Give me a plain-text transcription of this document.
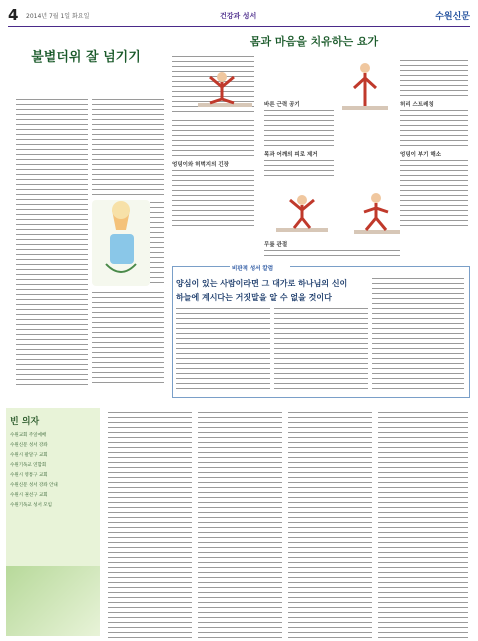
4 2014년 7월 1일 화요일	건강과 성서	수원신문
불볕더위 잘 넘기기
몸과 마음을 치유하는 요가
엉덩이와 허벅지의 긴장
바른 근력 공기
목과 어깨의 피로 제거
허리 스트레칭
엉덩이 부기 해소
무릎 관절
비판적 성서 칼럼
양심이 있는 사람이라면 그 대가로 하나님의 신이
하늘에 계시다는 거짓말을 알 수 없을 것이다
빈 의자
수원교회 주일예배
수원신문 성서 강좌
수원시 팔달구 교회
수원기독교 연합회
수원시 영통구 교회
수원신문 성서 강좌 안내
수원시 권선구 교회
수원기독교 성서 모임
